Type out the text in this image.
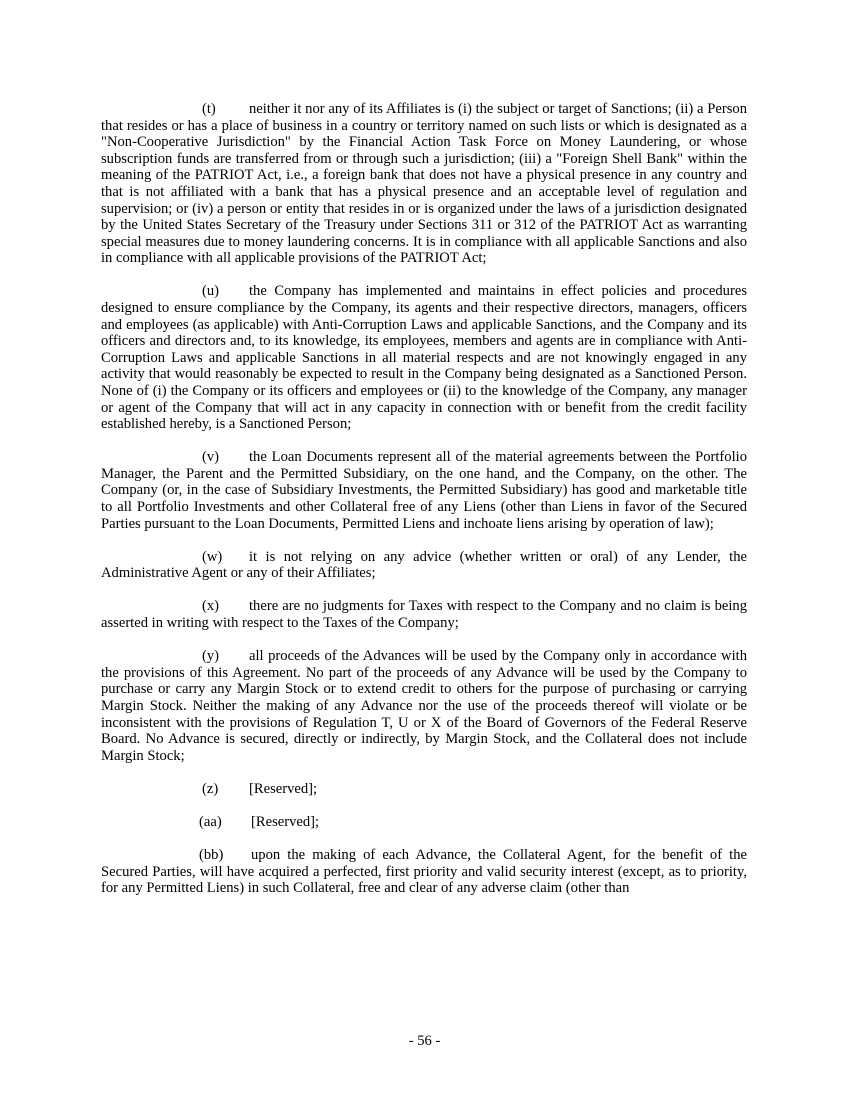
(t) neither it nor any of its Affiliates is (i) the subject or target of Sanctions; (ii) a Person that resides or has a place of business in a country or territory named on such lists or which is designated as a "Non-Cooperative Jurisdiction" by the Financial Action Task Force on Money Laundering, or whose subscription funds are transferred from or through such a jurisdiction; (iii) a "Foreign Shell Bank" within the meaning of the PATRIOT Act, i.e., a foreign bank that does not have a physical presence in any country and that is not affiliated with a bank that has a physical presence and an acceptable level of regulation and supervision; or (iv) a person or entity that resides in or is organized under the laws of a jurisdiction designated by the United States Secretary of the Treasury under Sections 311 or 312 of the PATRIOT Act as warranting special measures due to money laundering concerns. It is in compliance with all applicable Sanctions and also in compliance with all applicable provisions of the PATRIOT Act;

(u) the Company has implemented and maintains in effect policies and procedures designed to ensure compliance by the Company, its agents and their respective directors, managers, officers and employees (as applicable) with Anti-Corruption Laws and applicable Sanctions, and the Company and its officers and directors and, to its knowledge, its employees, members and agents are in compliance with Anti-Corruption Laws and applicable Sanctions in all material respects and are not knowingly engaged in any activity that would reasonably be expected to result in the Company being designated as a Sanctioned Person. None of (i) the Company or its officers and employees or (ii) to the knowledge of the Company, any manager or agent of the Company that will act in any capacity in connection with or benefit from the credit facility established hereby, is a Sanctioned Person;

(v) the Loan Documents represent all of the material agreements between the Portfolio Manager, the Parent and the Permitted Subsidiary, on the one hand, and the Company, on the other. The Company (or, in the case of Subsidiary Investments, the Permitted Subsidiary) has good and marketable title to all Portfolio Investments and other Collateral free of any Liens (other than Liens in favor of the Secured Parties pursuant to the Loan Documents, Permitted Liens and inchoate liens arising by operation of law);

(w) it is not relying on any advice (whether written or oral) of any Lender, the Administrative Agent or any of their Affiliates;

(x) there are no judgments for Taxes with respect to the Company and no claim is being asserted in writing with respect to the Taxes of the Company;

(y) all proceeds of the Advances will be used by the Company only in accordance with the provisions of this Agreement. No part of the proceeds of any Advance will be used by the Company to purchase or carry any Margin Stock or to extend credit to others for the purpose of purchasing or carrying Margin Stock. Neither the making of any Advance nor the use of the proceeds thereof will violate or be inconsistent with the provisions of Regulation T, U or X of the Board of Governors of the Federal Reserve Board. No Advance is secured, directly or indirectly, by Margin Stock, and the Collateral does not include Margin Stock;

(z) [Reserved];

(aa) [Reserved];

(bb) upon the making of each Advance, the Collateral Agent, for the benefit of the Secured Parties, will have acquired a perfected, first priority and valid security interest (except, as to priority, for any Permitted Liens) in such Collateral, free and clear of any adverse claim (other than

- 56 -
